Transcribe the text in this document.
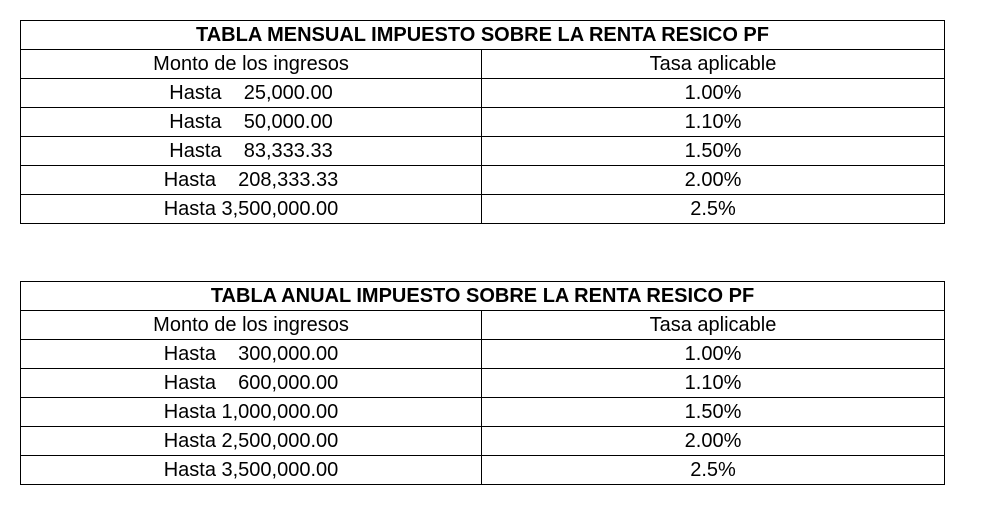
TABLA MENSUAL IMPUESTO SOBRE LA RENTA RESICO PF	
Monto de los ingresos	Tasa aplicable
Hasta    25,000.00	1.00%
Hasta    50,000.00	1.10%
Hasta    83,333.33	1.50%
Hasta    208,333.33	2.00%
Hasta 3,500,000.00	2.5%
TABLA ANUAL IMPUESTO SOBRE LA RENTA RESICO PF	
Monto de los ingresos	Tasa aplicable
Hasta    300,000.00	1.00%
Hasta    600,000.00	1.10%
Hasta 1,000,000.00	1.50%
Hasta 2,500,000.00	2.00%
Hasta 3,500,000.00	2.5%
